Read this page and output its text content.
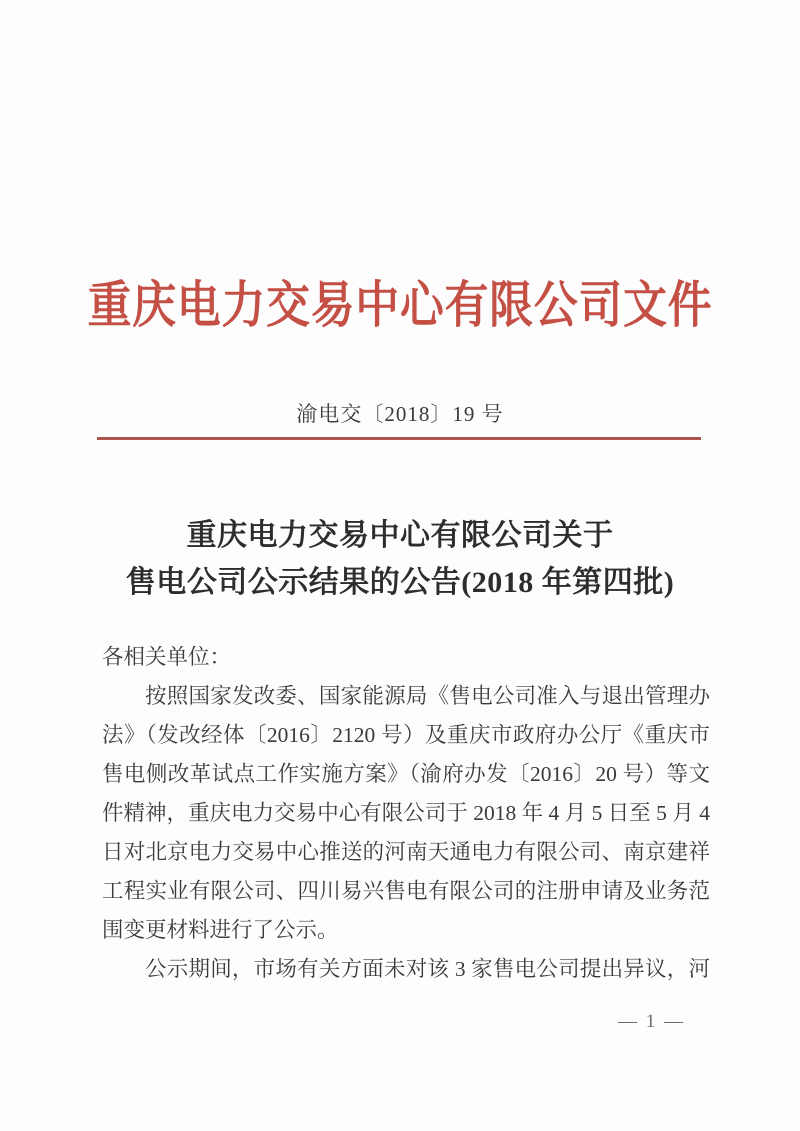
重庆电力交易中心有限公司文件
渝电交〔2018〕19 号
重庆电力交易中心有限公司关于
售电公司公示结果的公告(2018 年第四批)
各相关单位：
按照国家发改委、国家能源局《售电公司准入与退出管理办
法》（发改经体〔2016〕2120 号）及重庆市政府办公厅《重庆市
售电侧改革试点工作实施方案》（渝府办发〔2016〕20 号）等文
件精神，重庆电力交易中心有限公司于 2018 年 4 月 5 日至 5 月 4
日对北京电力交易中心推送的河南天通电力有限公司、南京建祥
工程实业有限公司、四川易兴售电有限公司的注册申请及业务范
围变更材料进行了公示。
公示期间，市场有关方面未对该 3 家售电公司提出异议，河
— 1 —
